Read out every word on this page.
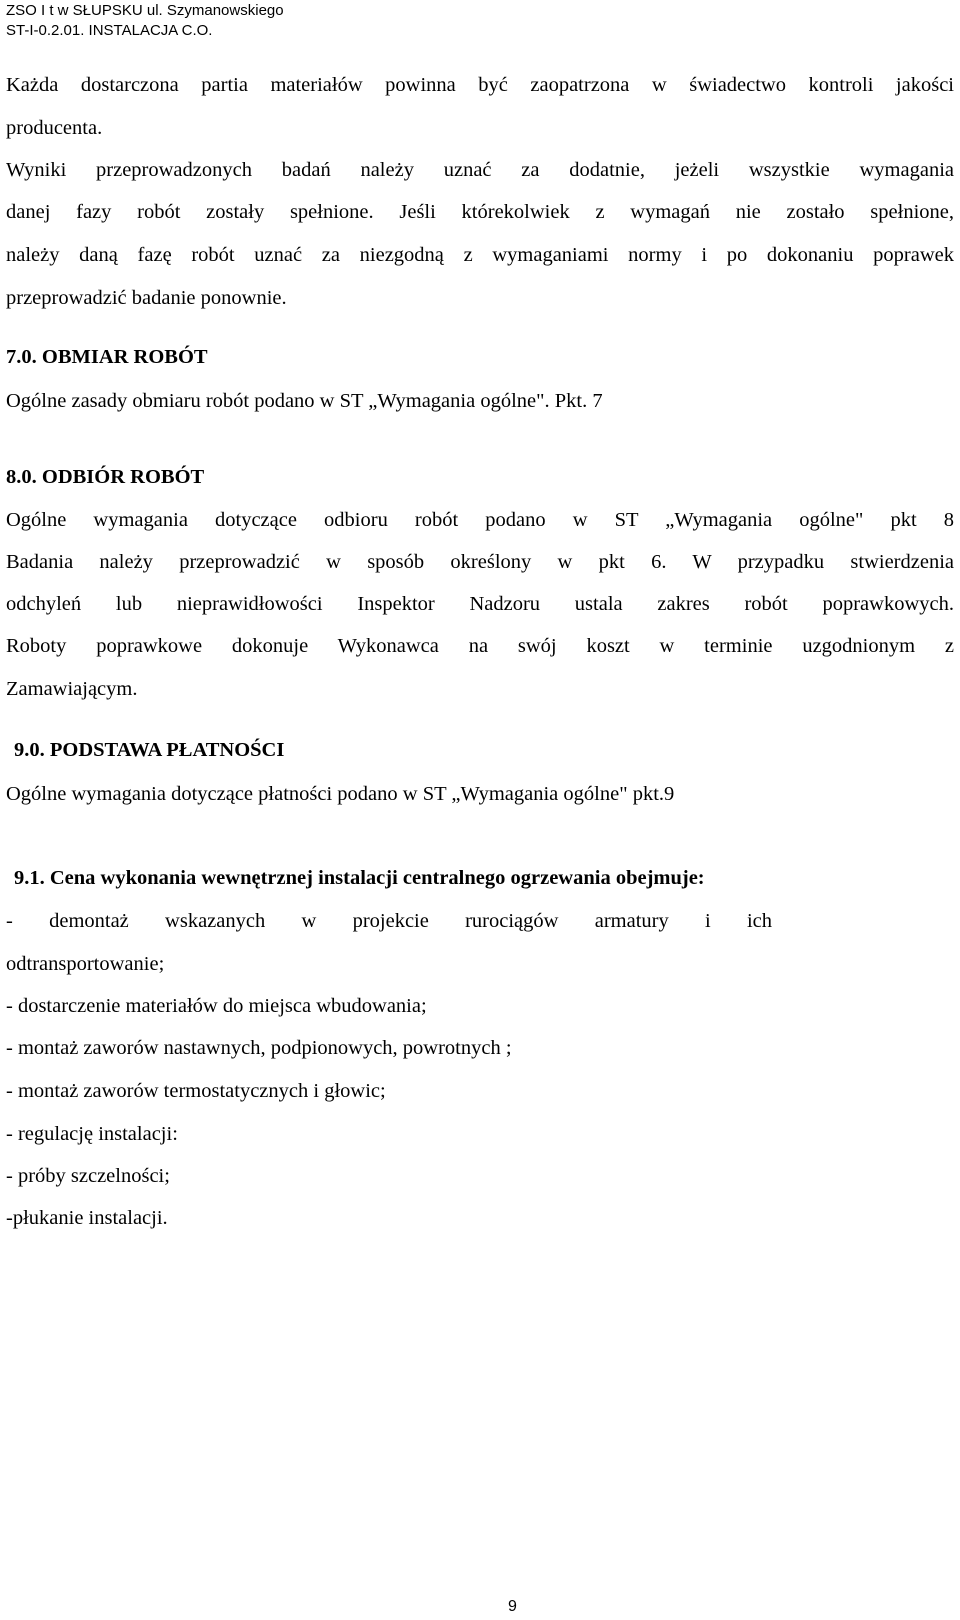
ZSO I t w SŁUPSKU ul. Szymanowskiego
ST-I-0.2.01. INSTALACJA C.O.
Każda dostarczona partia materiałów powinna być zaopatrzona w świadectwo kontroli jakości
producenta.
Wyniki przeprowadzonych badań należy uznać za dodatnie, jeżeli wszystkie wymagania
danej fazy robót zostały spełnione. Jeśli którekolwiek z wymagań nie zostało spełnione,
należy daną fazę robót uznać za niezgodną z wymaganiami normy i po dokonaniu poprawek
przeprowadzić badanie ponownie.
7.0. OBMIAR ROBÓT
Ogólne zasady obmiaru robót podano w ST „Wymagania ogólne". Pkt. 7
8.0. ODBIÓR ROBÓT
Ogólne wymagania dotyczące odbioru robót podano w ST „Wymagania ogólne" pkt 8
Badania należy przeprowadzić w sposób określony w pkt 6. W przypadku stwierdzenia
odchyleń lub nieprawidłowości Inspektor Nadzoru ustala zakres robót poprawkowych.
Roboty poprawkowe dokonuje Wykonawca na swój koszt w terminie uzgodnionym z
Zamawiającym.
9.0. PODSTAWA PŁATNOŚCI
Ogólne wymagania dotyczące płatności podano w ST „Wymagania ogólne" pkt.9
9.1. Cena wykonania wewnętrznej instalacji centralnego ogrzewania obejmuje:
- demontaż wskazanych w projekcie rurociągów armatury i ich
odtransportowanie;
- dostarczenie materiałów do miejsca wbudowania;
- montaż zaworów nastawnych, podpionowych, powrotnych ;
- montaż zaworów termostatycznych i głowic;
- regulację instalacji:
- próby szczelności;
-płukanie instalacji.
9
